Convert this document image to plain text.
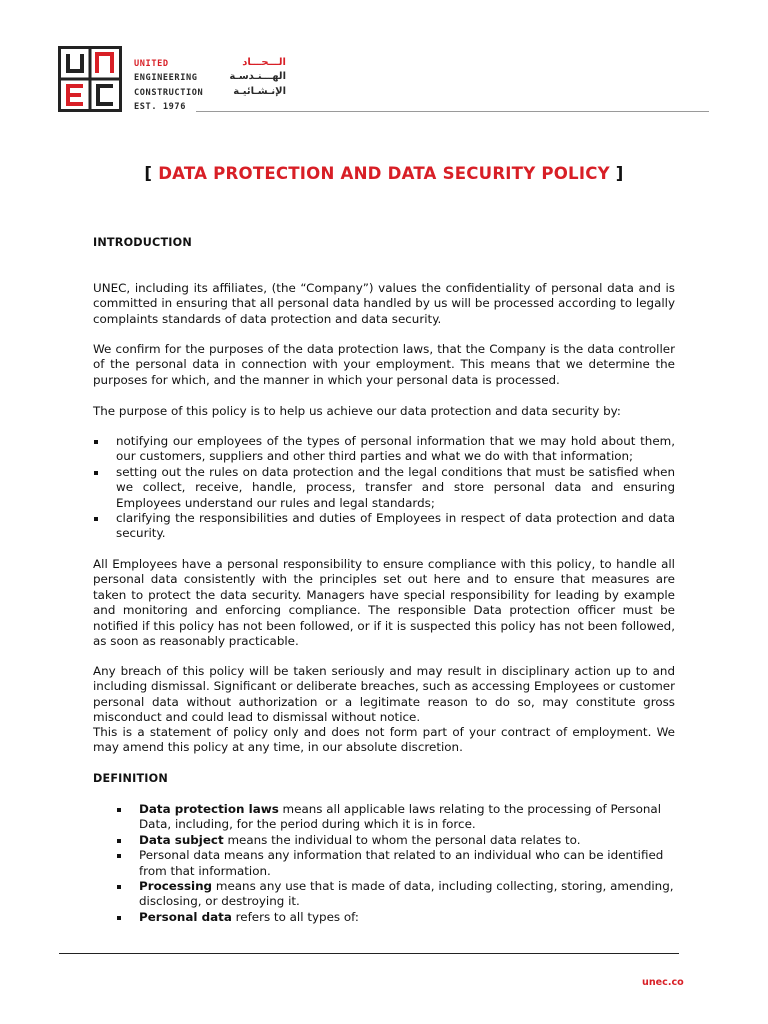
UNITED
ENGINEERING
CONSTRUCTION
EST. 1976
الـــحـــاد
الهـــنـدسـة
الإنـشـائيـة
[ DATA PROTECTION AND DATA SECURITY POLICY ]
INTRODUCTION

UNEC, including its affiliates, (the “Company”) values the confidentiality of personal data and is committed in ensuring that all personal data handled by us will be processed according to legally complaints standards of data protection and data security.

We confirm for the purposes of the data protection laws, that the Company is the data controller of the personal data in connection with your employment. This means that we determine the purposes for which, and the manner in which your personal data is processed.

The purpose of this policy is to help us achieve our data protection and data security by:

notifying our employees of the types of personal information that we may hold about them, our customers, suppliers and other third parties and what we do with that information;
setting out the rules on data protection and the legal conditions that must be satisfied when we collect, receive, handle, process, transfer and store personal data and ensuring Employees understand our rules and legal standards;
clarifying the responsibilities and duties of Employees in respect of data protection and data security.

All Employees have a personal responsibility to ensure compliance with this policy, to handle all personal data consistently with the principles set out here and to ensure that measures are taken to protect the data security. Managers have special responsibility for leading by example and monitoring and enforcing compliance. The responsible Data protection officer must be notified if this policy has not been followed, or if it is suspected this policy has not been followed, as soon as reasonably practicable.

Any breach of this policy will be taken seriously and may result in disciplinary action up to and including dismissal. Significant or deliberate breaches, such as accessing Employees or customer personal data without authorization or a legitimate reason to do so, may constitute gross misconduct and could lead to dismissal without notice.

This is a statement of policy only and does not form part of your contract of employment. We may amend this policy at any time, in our absolute discretion.

DEFINITION
Data protection laws means all applicable laws relating to the processing of Personal Data, including, for the period during which it is in force.
Data subject means the individual to whom the personal data relates to.
Personal data means any information that related to an individual who can be identified from that information.
Processing means any use that is made of data, including collecting, storing, amending, disclosing, or destroying it.
Personal data refers to all types of:
unec.co
